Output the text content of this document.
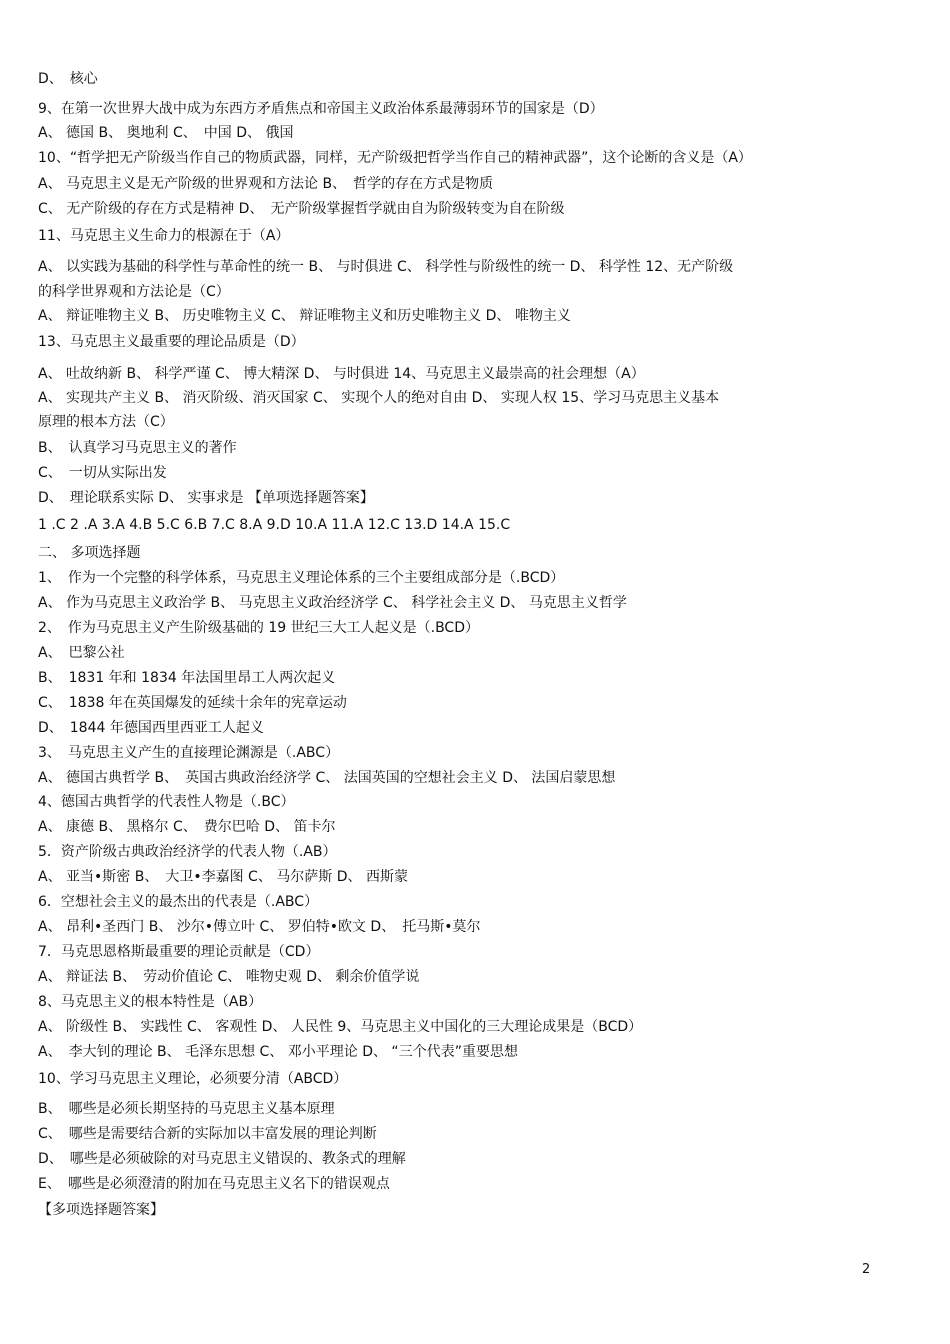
D、　核心
9、在第一次世界大战中成为东西方矛盾焦点和帝国主义政治体系最薄弱环节的国家是（D）
A、 德国 B、 奥地利 C、　中国 D、 俄国
10、“哲学把无产阶级当作自己的物质武器，同样，无产阶级把哲学当作自己的精神武器”，这个论断的含义是（A）
A、 马克思主义是无产阶级的世界观和方法论 B、　哲学的存在方式是物质
C、 无产阶级的存在方式是精神 D、　无产阶级掌握哲学就由自为阶级转变为自在阶级
11、马克思主义生命力的根源在于（A）
A、 以实践为基础的科学性与革命性的统一 B、 与时俱进 C、 科学性与阶级性的统一 D、 科学性 12、无产阶级
的科学世界观和方法论是（C）
A、 辩证唯物主义 B、 历史唯物主义 C、 辩证唯物主义和历史唯物主义 D、 唯物主义
13、马克思主义最重要的理论品质是（D）
A、 吐故纳新 B、 科学严谨 C、 博大精深 D、 与时俱进 14、马克思主义最崇高的社会理想（A）
A、 实现共产主义 B、 消灭阶级、消灭国家 C、 实现个人的绝对自由 D、 实现人权 15、学习马克思主义基本
原理的根本方法（C）
B、　认真学习马克思主义的著作
C、　一切从实际出发
D、　理论联系实际 D、 实事求是 【单项选择题答案】
1 .C 2 .A 3.A 4.B 5.C 6.B 7.C 8.A 9.D 10.A 11.A 12.C 13.D 14.A 15.C
二、 多项选择题
1、　作为一个完整的科学体系，马克思主义理论体系的三个主要组成部分是（.BCD）
A、 作为马克思主义政治学 B、 马克思主义政治经济学 C、 科学社会主义 D、 马克思主义哲学
2、　作为马克思主义产生阶级基础的 19 世纪三大工人起义是（.BCD）
A、　巴黎公社
B、　1831 年和 1834 年法国里昂工人两次起义
C、　1838 年在英国爆发的延续十余年的宪章运动
D、　1844 年德国西里西亚工人起义
3、　马克思主义产生的直接理论渊源是（.ABC）
A、 德国古典哲学 B、　英国古典政治经济学 C、 法国英国的空想社会主义 D、 法国启蒙思想
4、德国古典哲学的代表性人物是（.BC）
A、 康德 B、 黑格尔 C、　费尔巴哈 D、 笛卡尔
5．资产阶级古典政治经济学的代表人物（.AB）
A、 亚当•斯密 B、　大卫•李嘉图 C、 马尔萨斯 D、 西斯蒙
6．空想社会主义的最杰出的代表是（.ABC）
A、 昂利•圣西门 B、 沙尔•傅立叶 C、 罗伯特•欧文 D、　托马斯•莫尔
7．马克思恩格斯最重要的理论贡献是（CD）
A、 辩证法 B、　劳动价值论 C、 唯物史观 D、 剩余价值学说
8、马克思主义的根本特性是（AB）
A、 阶级性 B、 实践性 C、 客观性 D、 人民性 9、马克思主义中国化的三大理论成果是（BCD）
A、　李大钊的理论 B、 毛泽东思想 C、 邓小平理论 D、 “三个代表”重要思想
10、学习马克思主义理论，必须要分清（ABCD）
B、　哪些是必须长期坚持的马克思主义基本原理
C、　哪些是需要结合新的实际加以丰富发展的理论判断
D、　哪些是必须破除的对马克思主义错误的、教条式的理解
E、　哪些是必须澄清的附加在马克思主义名下的错误观点
【多项选择题答案】
2
